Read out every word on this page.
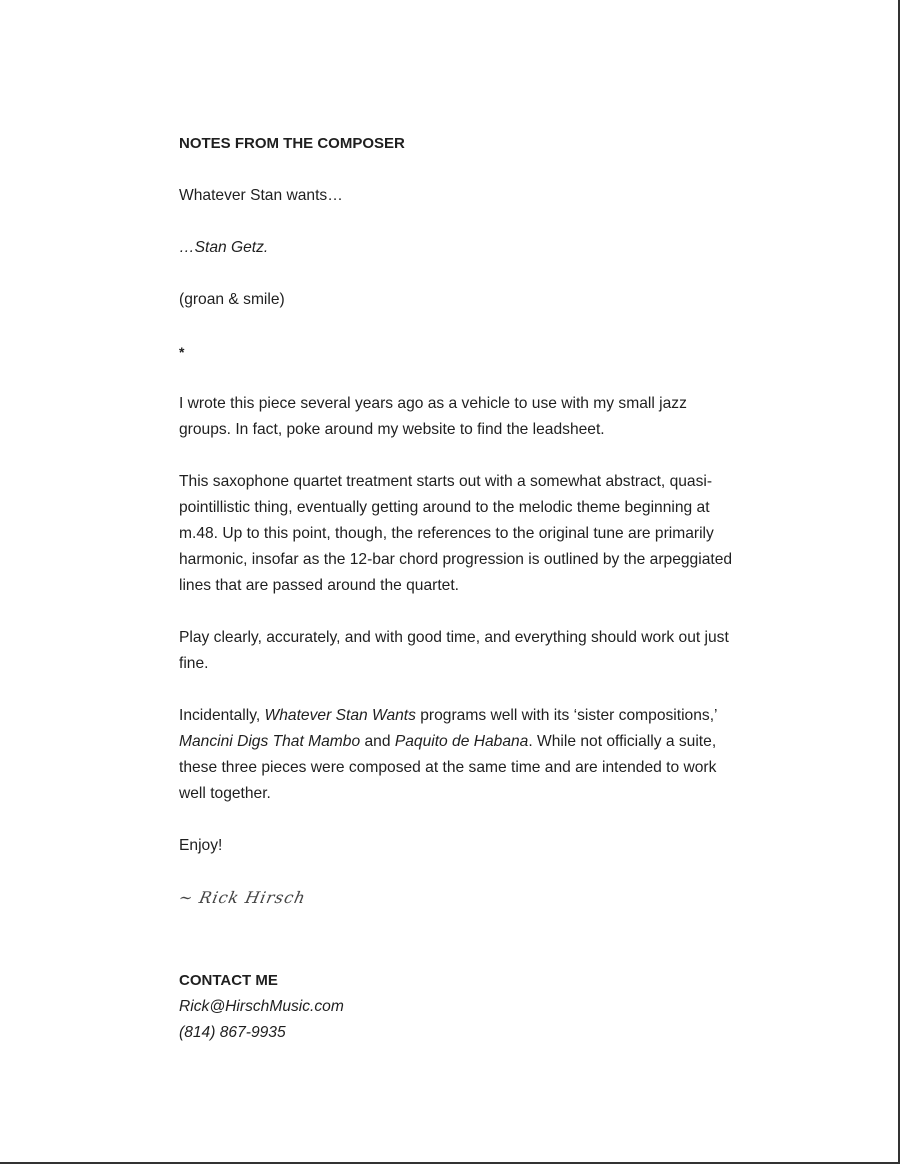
NOTES FROM THE COMPOSER

Whatever Stan wants…

…Stan Getz.

(groan & smile)

*

I wrote this piece several years ago as a vehicle to use with my small jazz groups. In fact, poke around my website to find the leadsheet.

This saxophone quartet treatment starts out with a somewhat abstract, quasi-pointillistic thing, eventually getting around to the melodic theme beginning at m.48. Up to this point, though, the references to the original tune are primarily harmonic, insofar as the 12-bar chord progression is outlined by the arpeggiated lines that are passed around the quartet.

Play clearly, accurately, and with good time, and everything should work out just fine.

Incidentally, Whatever Stan Wants programs well with its ‘sister compositions,’ Mancini Digs That Mambo and Paquito de Habana. While not officially a suite, these three pieces were composed at the same time and are intended to work well together.

Enjoy!

~ Rick Hirsch

CONTACT ME

Rick@HirschMusic.com

(814) 867-9935
